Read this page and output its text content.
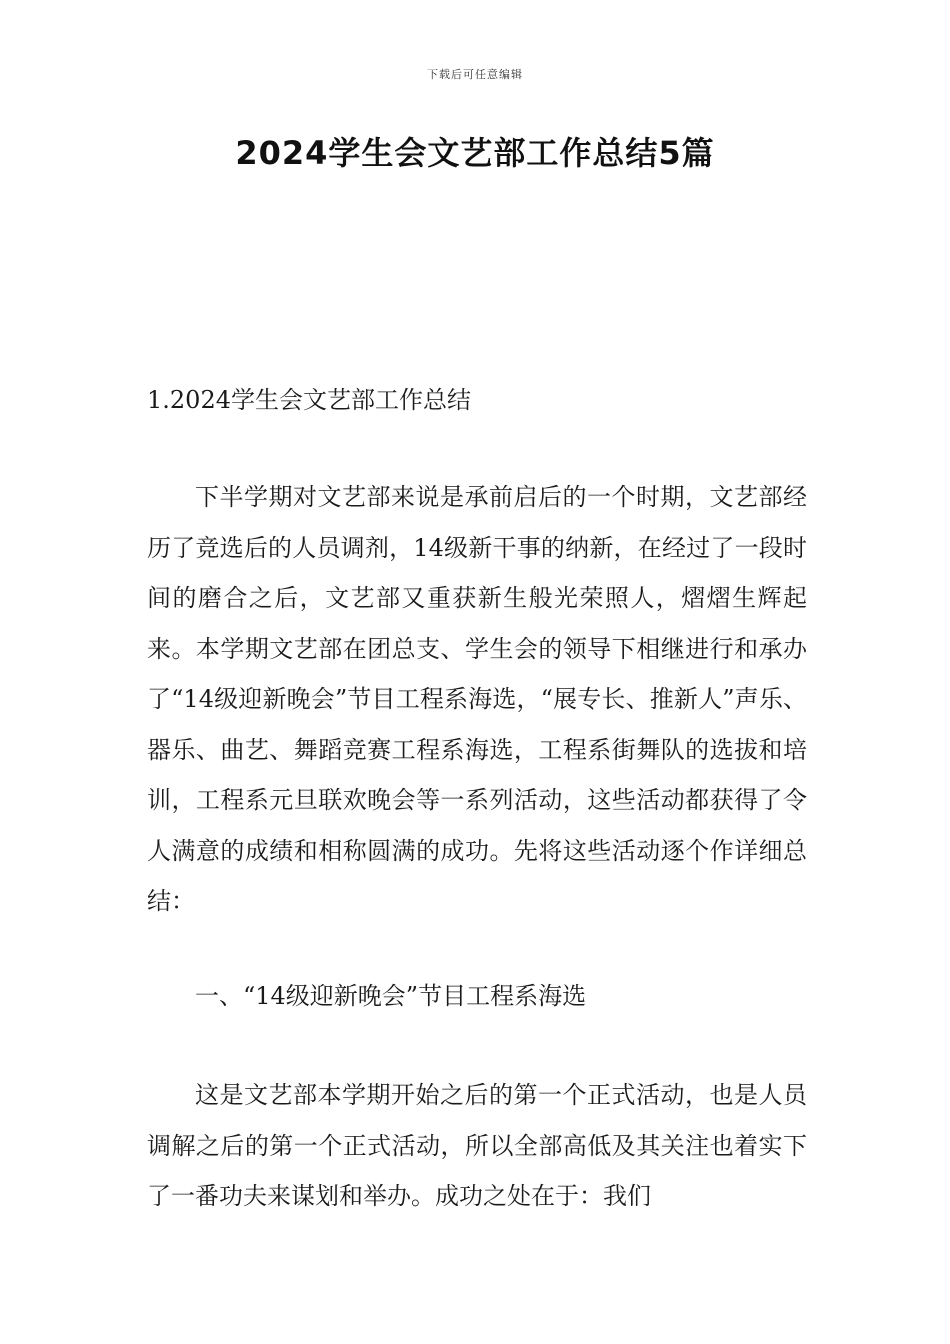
下载后可任意编辑
2024学生会文艺部工作总结5篇
1.2024学生会文艺部工作总结

下半学期对文艺部来说是承前启后的一个时期，文艺部经历了竞选后的人员调剂，14级新干事的纳新，在经过了一段时间的磨合之后，文艺部又重获新生般光荣照人，熠熠生辉起来。本学期文艺部在团总支、学生会的领导下相继进行和承办了“14级迎新晚会”节目工程系海选，“展专长、推新人”声乐、器乐、曲艺、舞蹈竞赛工程系海选，工程系街舞队的选拔和培训，工程系元旦联欢晚会等一系列活动，这些活动都获得了令人满意的成绩和相称圆满的成功。先将这些活动逐个作详细总结：

一、“14级迎新晚会”节目工程系海选

这是文艺部本学期开始之后的第一个正式活动，也是人员调解之后的第一个正式活动，所以全部高低及其关注也着实下了一番功夫来谋划和举办。成功之处在于：我们
